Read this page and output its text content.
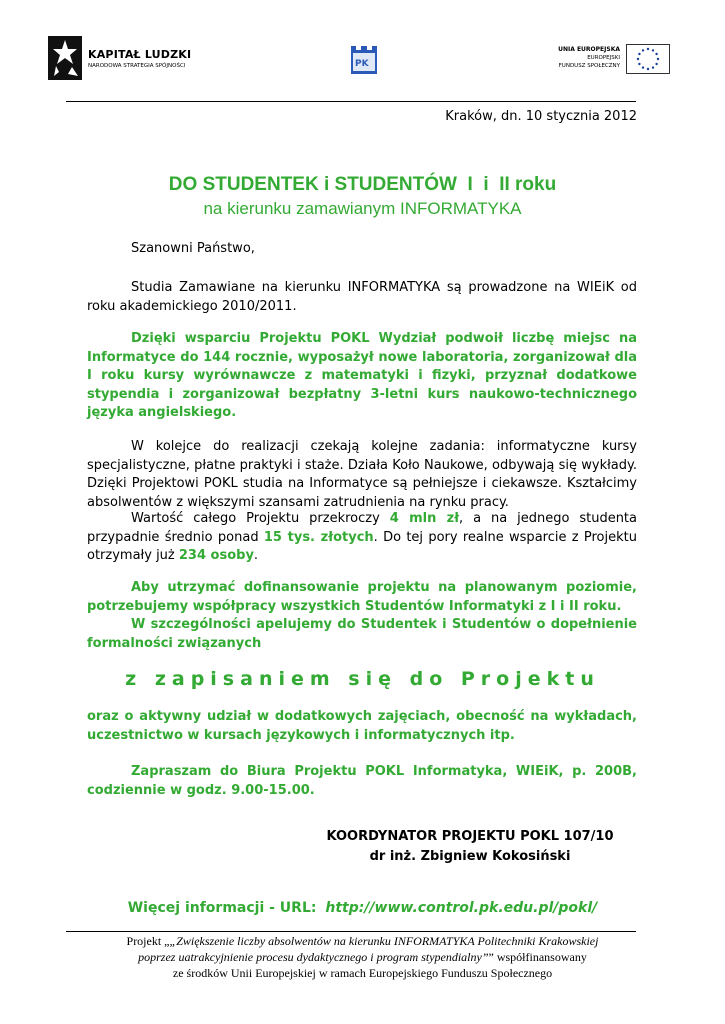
KAPITAŁ LUDZKI
NARODOWA STRATEGIA SPÓJNOŚCI	PK
UNIA EUROPEJSKA
EUROPEJSKI
FUNDUSZ SPOŁECZNY
Kraków, dn. 10 stycznia 2012
DO STUDENTEK i STUDENTÓW  I  i  II roku
na kierunku zamawianym INFORMATYKA
Szanowni Państwo,

Studia Zamawiane na kierunku INFORMATYKA są prowadzone na WIEiK od roku akademickiego 2010/2011.

Dzięki wsparciu Projektu POKL Wydział podwoił liczbę miejsc na Informatyce do 144 rocznie, wyposażył nowe laboratoria, zorganizował dla I roku kursy wyrównawcze z matematyki i fizyki, przyznał dodatkowe stypendia i zorganizował bezpłatny 3-letni kurs naukowo-technicznego języka angielskiego.

W kolejce do realizacji czekają kolejne zadania: informatyczne kursy specjalistyczne, płatne praktyki i staże. Działa Koło Naukowe, odbywają się wykłady. Dzięki Projektowi POKL studia na Informatyce są pełniejsze i ciekawsze. Kształcimy absolwentów z większymi szansami zatrudnienia na rynku pracy.

Wartość całego Projektu przekroczy 4 mln zł, a na jednego studenta przypadnie średnio ponad 15 tys. złotych. Do tej pory realne wsparcie z Projektu otrzymały już 234 osoby.

Aby utrzymać dofinansowanie projektu na planowanym poziomie, potrzebujemy współpracy wszystkich Studentów Informatyki z I i II roku.

W szczególności apelujemy do Studentek i Studentów o dopełnienie formalności związanych

z zapisaniem się do Projektu

oraz o aktywny udział w dodatkowych zajęciach, obecność na wykładach, uczestnictwo w kursach językowych i informatycznych itp.

Zapraszam do Biura Projektu POKL Informatyka, WIEiK, p. 200B, codziennie w godz. 9.00-15.00.

KOORDYNATOR PROJEKTU POKL 107/10
dr inż. Zbigniew Kokosiński
Więcej informacji - URL: http://www.control.pk.edu.pl/pokl/
Projekt „„Zwiększenie liczby absolwentów na kierunku INFORMATYKA Politechniki Krakowskiej
poprzez uatrakcyjnienie procesu dydaktycznego i program stypendialny”” współfinansowany
ze środków Unii Europejskiej w ramach Europejskiego Funduszu Społecznego
